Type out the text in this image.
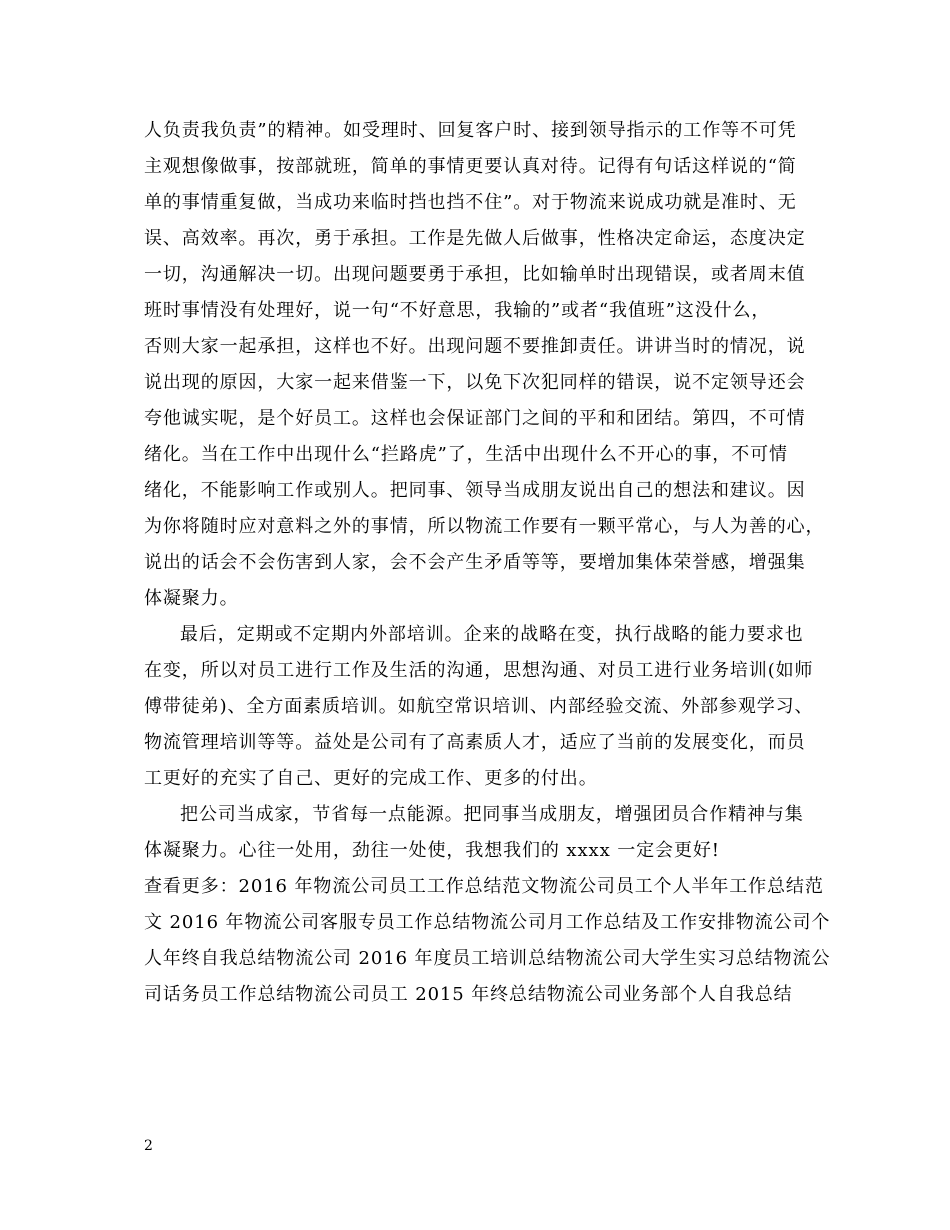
人负责我负责”的精神。如受理时、回复客户时、接到领导指示的工作等不可凭
主观想像做事，按部就班，简单的事情更要认真对待。记得有句话这样说的“简
单的事情重复做，当成功来临时挡也挡不住”。对于物流来说成功就是准时、无
误、高效率。再次，勇于承担。工作是先做人后做事，性格决定命运，态度决定
一切，沟通解决一切。出现问题要勇于承担，比如输单时出现错误，或者周末值
班时事情没有处理好，说一句“不好意思，我输的”或者“我值班”这没什么，
否则大家一起承担，这样也不好。出现问题不要推卸责任。讲讲当时的情况，说
说出现的原因，大家一起来借鉴一下，以免下次犯同样的错误，说不定领导还会
夸他诚实呢，是个好员工。这样也会保证部门之间的平和和团结。第四，不可情
绪化。当在工作中出现什么“拦路虎”了，生活中出现什么不开心的事，不可情
绪化，不能影响工作或别人。把同事、领导当成朋友说出自己的想法和建议。因
为你将随时应对意料之外的事情，所以物流工作要有一颗平常心，与人为善的心，
说出的话会不会伤害到人家，会不会产生矛盾等等，要增加集体荣誉感，增强集
体凝聚力。
最后，定期或不定期内外部培训。企来的战略在变，执行战略的能力要求也
在变，所以对员工进行工作及生活的沟通，思想沟通、对员工进行业务培训(如师
傅带徒弟)、全方面素质培训。如航空常识培训、内部经验交流、外部参观学习、
物流管理培训等等。益处是公司有了高素质人才，适应了当前的发展变化，而员
工更好的充实了自己、更好的完成工作、更多的付出。
把公司当成家，节省每一点能源。把同事当成朋友，增强团员合作精神与集
体凝聚力。心往一处用，劲往一处使，我想我们的 xxxx 一定会更好!
查看更多：2016 年物流公司员工工作总结范文物流公司员工个人半年工作总结范
文 2016 年物流公司客服专员工作总结物流公司月工作总结及工作安排物流公司个
人年终自我总结物流公司 2016 年度员工培训总结物流公司大学生实习总结物流公
司话务员工作总结物流公司员工 2015 年终总结物流公司业务部个人自我总结
2
